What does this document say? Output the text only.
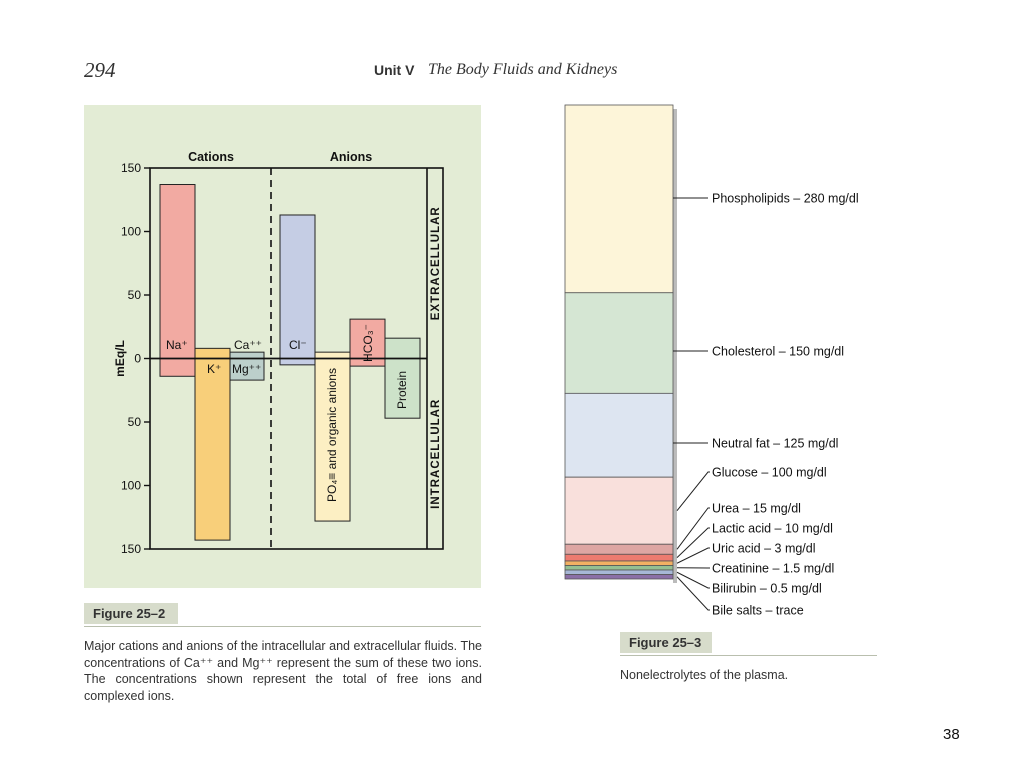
294	Unit V The Body Fluids and Kidneys
150
100
50
0
50
100
150
mEq/L
Cations	Anions
EXTRACELLULAR
INTRACELLULAR
Na⁺
K⁺
Ca⁺⁺
Mg⁺⁺
Cl⁻
PO₄≡ and organic anions
HCO₃⁻
Protein
Figure 25–2
Major cations and anions of the intracellular and extracellular fluids. The concentrations of Ca⁺⁺ and Mg⁺⁺ represent the sum of these two ions. The concentrations shown represent the total of free ions and complexed ions.
Phospholipids – 280 mg/dl
Cholesterol – 150 mg/dl
Neutral fat – 125 mg/dl
Glucose – 100 mg/dl
Urea – 15 mg/dl
Lactic acid – 10 mg/dl
Uric acid – 3 mg/dl
Creatinine – 1.5 mg/dl
Bilirubin – 0.5 mg/dl
Bile salts – trace
Figure 25–3
Nonelectrolytes of the plasma.
38
